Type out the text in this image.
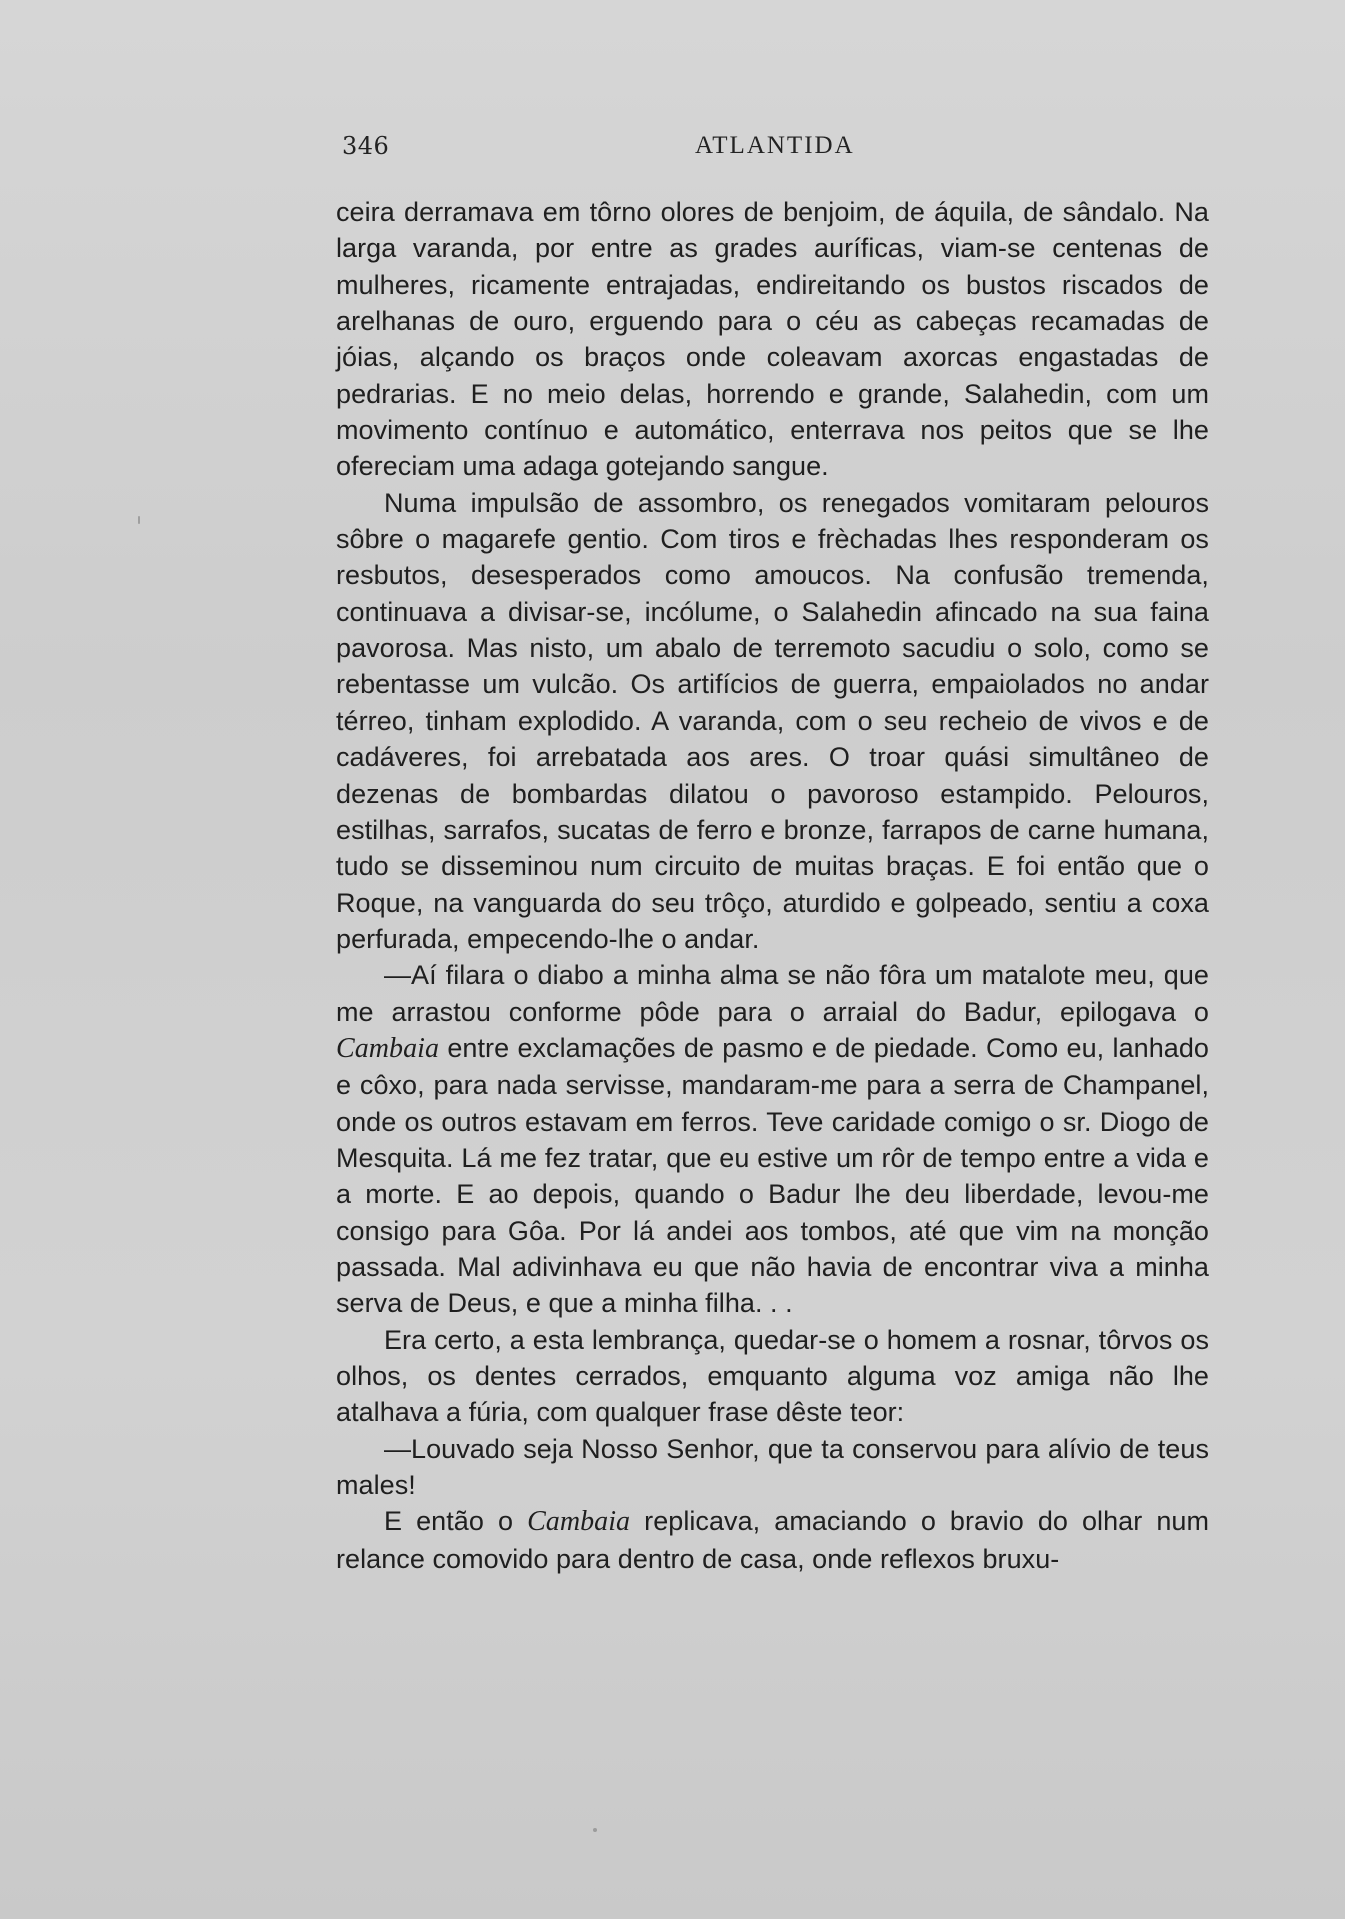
346	ATLANTIDA

ceira derramava em tôrno olores de benjoim, de áquila, de sândalo. Na larga varanda, por entre as grades auríficas, viam-se centenas de mulheres, ricamente entrajadas, endireitando os bustos riscados de arelhanas de ouro, erguendo para o céu as cabeças recamadas de jóias, alçando os braços onde coleavam axorcas engastadas de pedrarias. E no meio delas, horrendo e grande, Salahedin, com um movimento contínuo e automático, enterrava nos peitos que se lhe ofereciam uma adaga gotejando sangue.

Numa impulsão de assombro, os renegados vomitaram pelouros sôbre o magarefe gentio. Com tiros e frèchadas lhes responderam os resbutos, desesperados como amoucos. Na confusão tremenda, continuava a divisar-se, incólume, o Salahedin afincado na sua faina pavorosa. Mas nisto, um abalo de terremoto sacudiu o solo, como se rebentasse um vulcão. Os artifícios de guerra, empaiolados no andar térreo, tinham explodido. A varanda, com o seu recheio de vivos e de cadáveres, foi arrebatada aos ares. O troar quási simultâneo de dezenas de bombardas dilatou o pavoroso estampido. Pelouros, estilhas, sarrafos, sucatas de ferro e bronze, farrapos de carne humana, tudo se disseminou num circuito de muitas braças. E foi então que o Roque, na vanguarda do seu trôço, aturdido e golpeado, sentiu a coxa perfurada, empecendo-lhe o andar.

—Aí filara o diabo a minha alma se não fôra um matalote meu, que me arrastou conforme pôde para o arraial do Badur, epilogava o Cambaia entre exclamações de pasmo e de piedade. Como eu, lanhado e côxo, para nada servisse, mandaram-me para a serra de Champanel, onde os outros estavam em ferros. Teve caridade comigo o sr. Diogo de Mesquita. Lá me fez tratar, que eu estive um rôr de tempo entre a vida e a morte. E ao depois, quando o Badur lhe deu liberdade, levou-me consigo para Gôa. Por lá andei aos tombos, até que vim na monção passada. Mal adivinhava eu que não havia de encontrar viva a minha serva de Deus, e que a minha filha. . .

Era certo, a esta lembrança, quedar-se o homem a rosnar, tôrvos os olhos, os dentes cerrados, emquanto alguma voz amiga não lhe atalhava a fúria, com qualquer frase dêste teor:

—Louvado seja Nosso Senhor, que ta conservou para alívio de teus males!

E então o Cambaia replicava, amaciando o bravio do olhar num relance comovido para dentro de casa, onde reflexos bruxu-
